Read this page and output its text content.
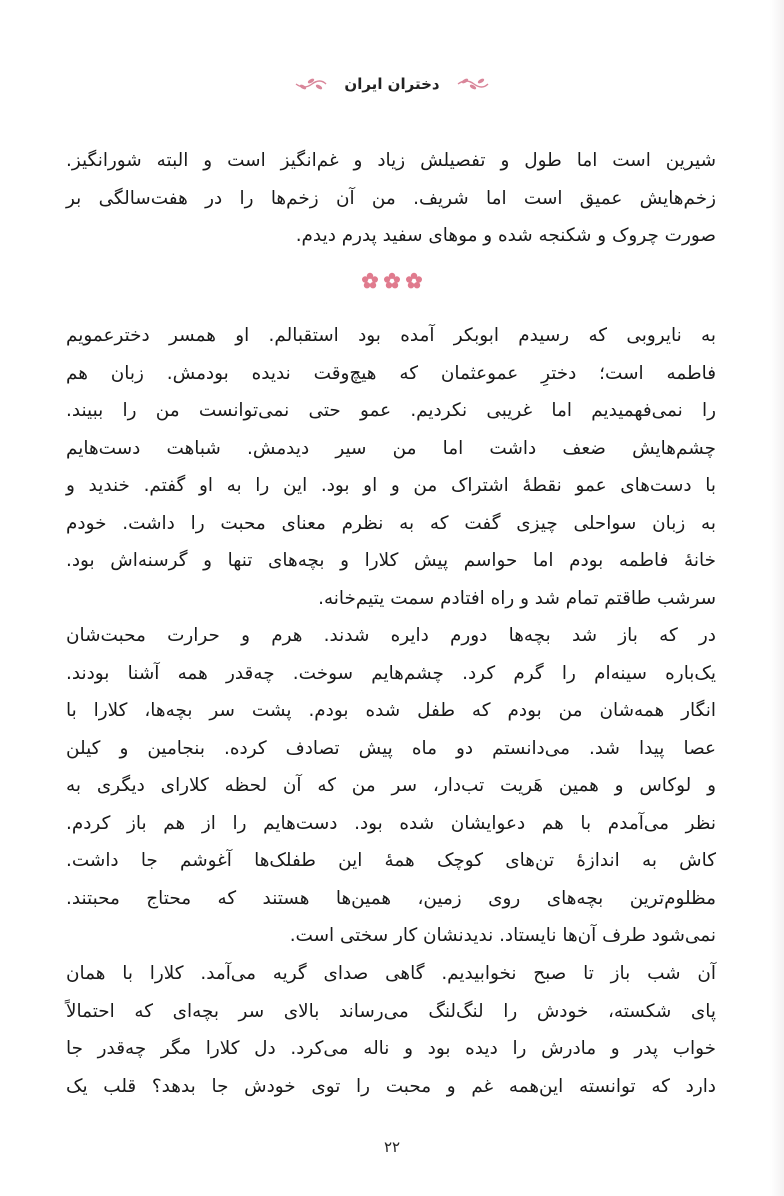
دختران ایران

شیرین است اما طول و تفصیلش زیاد و غم‌انگیز است و البته شورانگیز.
زخم‌هایش عمیق است اما شریف. من آن زخم‌ها را در هفت‌سالگی بر
صورت چروک و شکنجه شده و موهای سفید پدرم دیدم.

به نایروبی که رسیدم ابوبکر آمده بود استقبالم. او همسر دخترعمویم
فاطمه است؛ دخترِ عموعثمان که هیچ‌وقت ندیده بودمش. زبان هم
را نمی‌فهمیدیم اما غریبی نکردیم. عمو حتی نمی‌توانست من را ببیند.
چشم‌هایش ضعف داشت اما من سیر دیدمش. شباهت دست‌هایم
با دست‌های عمو نقطهٔ اشتراک من و او بود. این را به او گفتم. خندید و
به زبان سواحلی چیزی گفت که به نظرم معنای محبت را داشت. خودم
خانهٔ فاطمه بودم اما حواسم پیش کلارا و بچه‌های تنها و گرسنه‌اش بود.
سرشب طاقتم تمام شد و راه افتادم سمت یتیم‌خانه.

در که باز شد بچه‌ها دورم دایره شدند. هرم و حرارت محبت‌شان
یک‌باره سینه‌ام را گرم کرد. چشم‌هایم سوخت. چه‌قدر همه آشنا بودند.
انگار همه‌شان من بودم که طفل شده بودم. پشت سر بچه‌ها، کلارا با
عصا پیدا شد. می‌دانستم دو ماه پیش تصادف کرده. بنجامین و کیلن
و لوکاس و همین هَریت تب‌دار، سر من که آن لحظه کلارای دیگری به
نظر می‌آمدم با هم دعوایشان شده بود. دست‌هایم را از هم باز کردم.
کاش به اندازهٔ تن‌های کوچک همهٔ این طفلک‌ها آغوشم جا داشت.
مظلوم‌ترین بچه‌های روی زمین، همین‌ها هستند که محتاج محبتند.
نمی‌شود طرف آن‌ها نایستاد. ندیدنشان کار سختی است.

آن شب باز تا صبح نخوابیدیم. گاهی صدای گریه می‌آمد. کلارا با همان
پای شکسته، خودش را لنگ‌لنگ می‌رساند بالای سر بچه‌ای که احتمالاً
خواب پدر و مادرش را دیده بود و ناله می‌کرد. دل کلارا مگر چه‌قدر جا
دارد که توانسته این‌همه غم و محبت را توی خودش جا بدهد؟ قلب یک

۲۲
